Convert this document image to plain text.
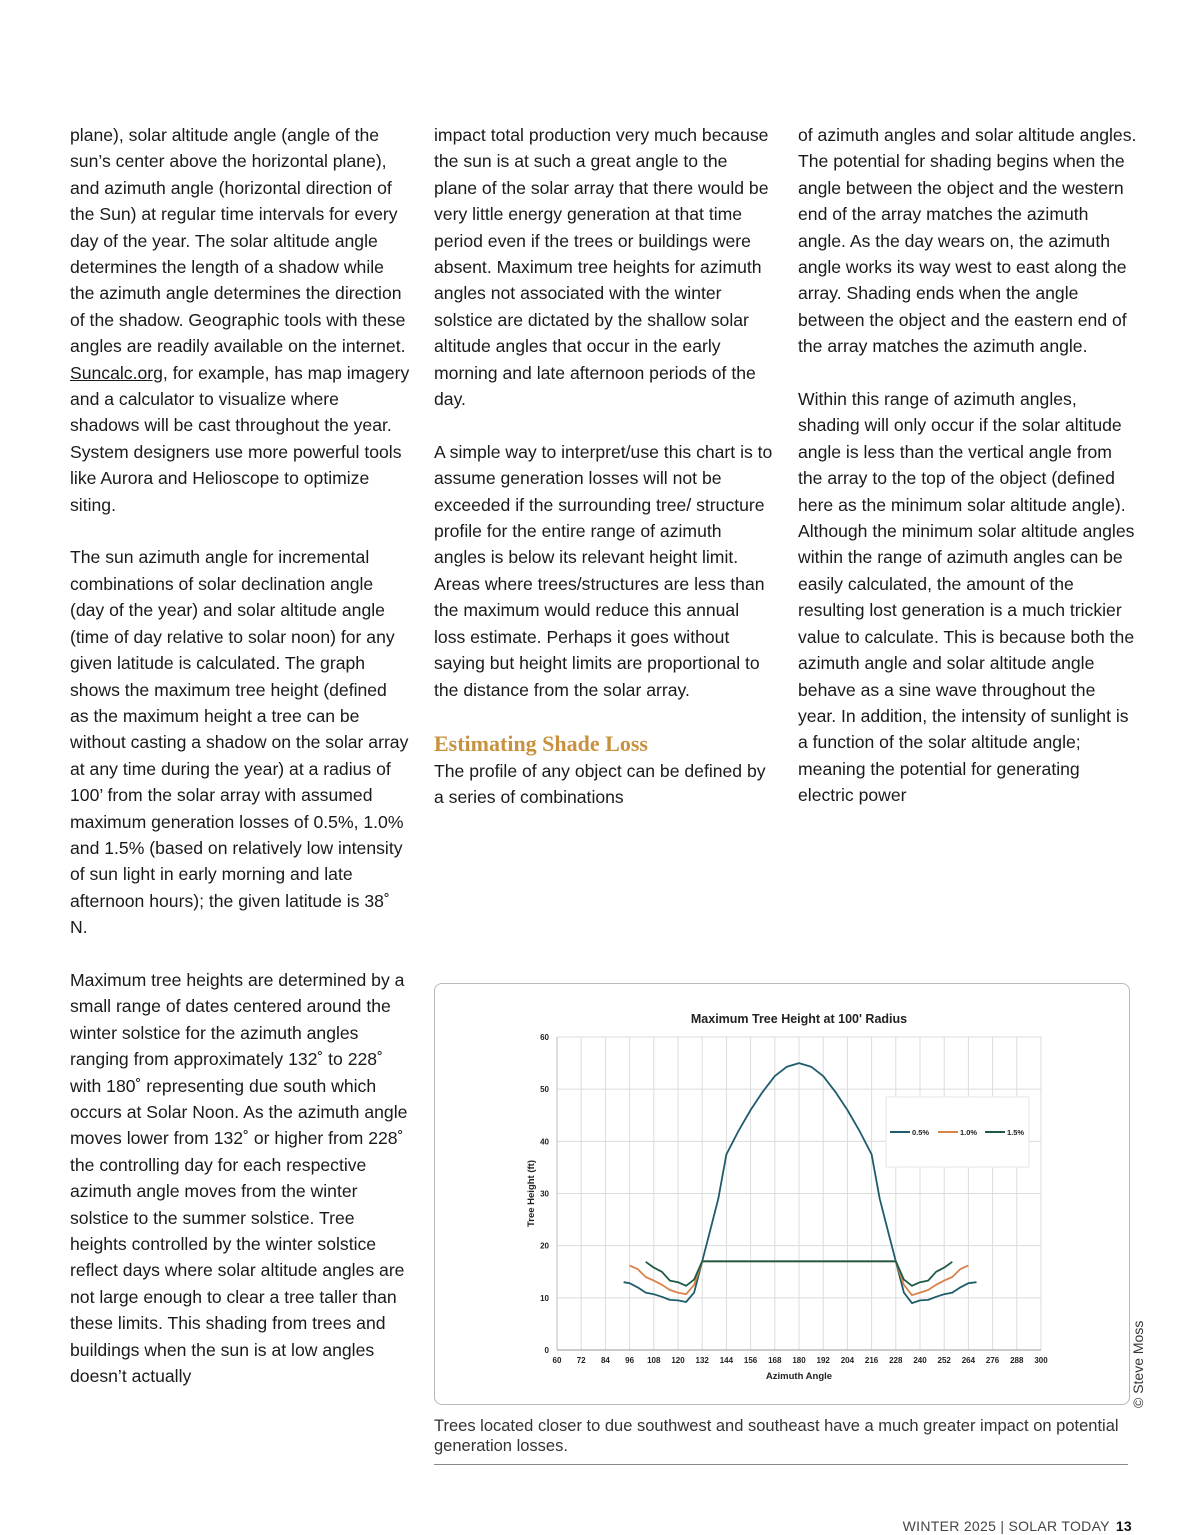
plane), solar altitude angle (angle of the sun’s center above the horizontal plane), and azimuth angle (horizontal direction of the Sun) at regular time intervals for every day of the year. The solar altitude angle determines the length of a shadow while the azimuth angle determines the direction of the shadow. Geographic tools with these angles are readily available on the internet. Suncalc.org, for example, has map imagery and a calculator to visualize where shadows will be cast throughout the year. System designers use more powerful tools like Aurora and Helioscope to optimize siting.

The sun azimuth angle for incremental combinations of solar declination angle (day of the year) and solar altitude angle (time of day relative to solar noon) for any given latitude is calculated. The graph shows the maximum tree height (defined as the maximum height a tree can be without casting a shadow on the solar array at any time during the year) at a radius of 100’ from the solar array with assumed maximum generation losses of 0.5%, 1.0% and 1.5% (based on relatively low intensity of sun light in early morning and late afternoon hours); the given latitude is 38˚ N.

Maximum tree heights are determined by a small range of dates centered around the winter solstice for the azimuth angles ranging from approximately 132˚ to 228˚ with 180˚ representing due south which occurs at Solar Noon. As the azimuth angle moves lower from 132˚ or higher from 228˚ the controlling day for each respective azimuth angle moves from the winter solstice to the summer solstice. Tree heights controlled by the winter solstice reflect days where solar altitude angles are not large enough to clear a tree taller than these limits. This shading from trees and buildings when the sun is at low angles doesn’t actually

impact total production very much because the sun is at such a great angle to the plane of the solar array that there would be very little energy generation at that time period even if the trees or buildings were absent. Maximum tree heights for azimuth angles not associated with the winter solstice are dictated by the shallow solar altitude angles that occur in the early morning and late afternoon periods of the day.

A simple way to interpret/use this chart is to assume generation losses will not be exceeded if the surrounding tree/ structure profile for the entire range of azimuth angles is below its relevant height limit. Areas where trees/structures are less than the maximum would reduce this annual loss estimate. Perhaps it goes without saying but height limits are proportional to the distance from the solar array.

Estimating Shade Loss

The profile of any object can be defined by a series of combinations

of azimuth angles and solar altitude angles. The potential for shading begins when the angle between the object and the western end of the array matches the azimuth angle. As the day wears on, the azimuth angle works its way west to east along the array. Shading ends when the angle between the object and the eastern end of the array matches the azimuth angle.

Within this range of azimuth angles, shading will only occur if the solar altitude angle is less than the vertical angle from the array to the top of the object (defined here as the minimum solar altitude angle). Although the minimum solar altitude angles within the range of azimuth angles can be easily calculated, the amount of the resulting lost generation is a much trickier value to calculate. This is because both the azimuth angle and solar altitude angle behave as a sine wave throughout the year. In addition, the intensity of sunlight is a function of the solar altitude angle; meaning the potential for generating electric power

60 72 84 96 108 120 132 144 156 168 180 192 204 216 228 240 252 264 276 288 300
0
10
20
30
40
50
60
Maximum Tree Height at 100' Radius
Azimuth Angle
Tree Height (ft)
0.5%	1.0%	1.5%
Trees located closer to due southwest and southeast have a much greater impact on potential generation losses.
© Steve Moss
WINTER 2025 | SOLAR TODAY 13
